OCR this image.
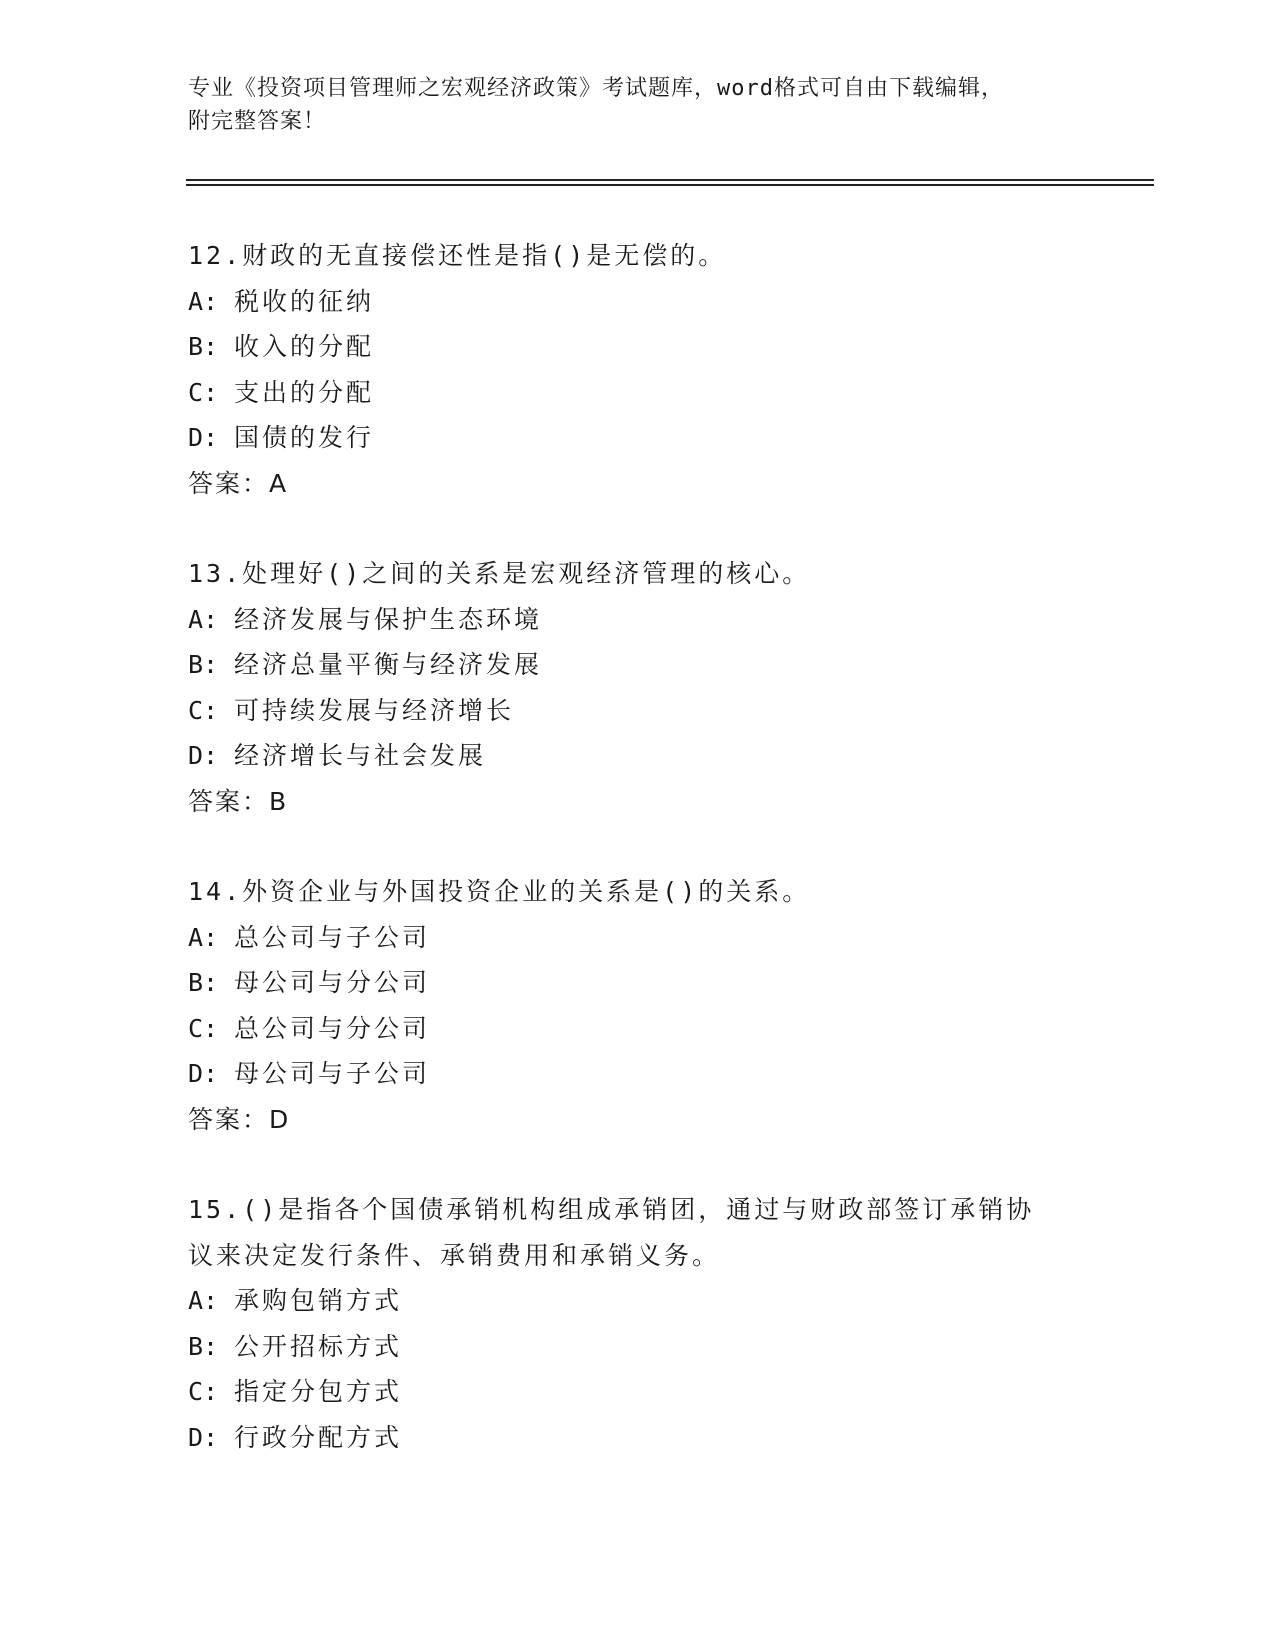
专业《投资项目管理师之宏观经济政策》考试题库，word格式可自由下载编辑，
附完整答案！
12.财政的无直接偿还性是指()是无偿的。
A: 税收的征纳
B: 收入的分配
C: 支出的分配
D: 国债的发行
答案：A
13.处理好()之间的关系是宏观经济管理的核心。
A: 经济发展与保护生态环境
B: 经济总量平衡与经济发展
C: 可持续发展与经济增长
D: 经济增长与社会发展
答案：B
14.外资企业与外国投资企业的关系是()的关系。
A: 总公司与子公司
B: 母公司与分公司
C: 总公司与分公司
D: 母公司与子公司
答案：D
15.()是指各个国债承销机构组成承销团，通过与财政部签订承销协议来决定发行条件、承销费用和承销义务。
A: 承购包销方式
B: 公开招标方式
C: 指定分包方式
D: 行政分配方式
